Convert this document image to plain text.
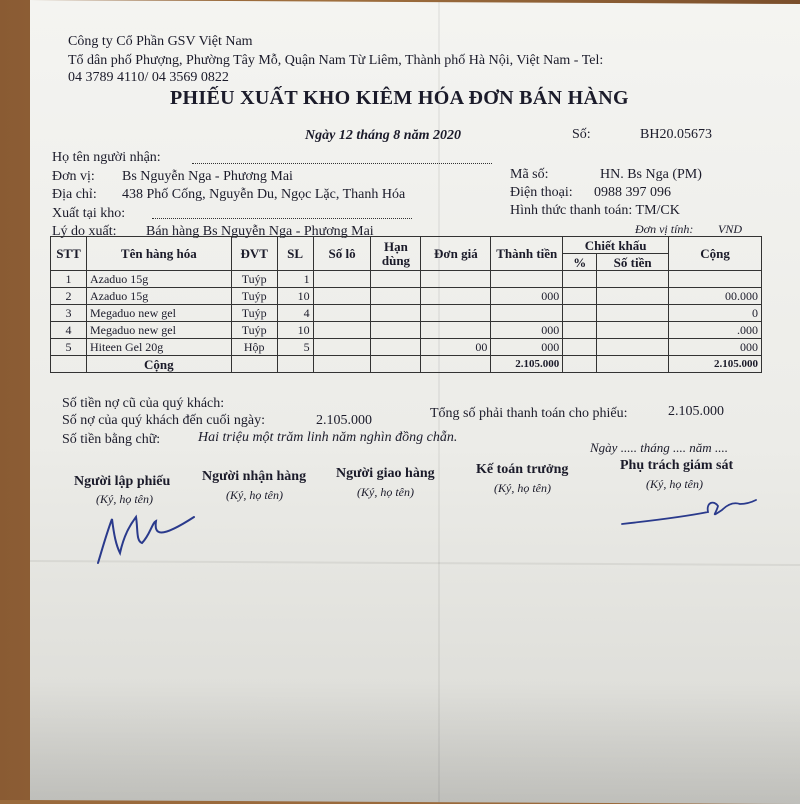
Công ty Cổ Phần GSV Việt Nam
Tổ dân phố Phượng, Phường Tây Mỗ, Quận Nam Từ Liêm, Thành phố Hà Nội, Việt Nam - Tel:
04 3789 4110/ 04 3569 0822
PHIẾU XUẤT KHO KIÊM HÓA ĐƠN BÁN HÀNG
Ngày 12 tháng 8 năm 2020	Số:	BH20.05673
Họ tên người nhận:
Đơn vị: Bs Nguyễn Nga - Phương Mai
Địa chỉ: 438 Phố Cống, Nguyễn Du, Ngọc Lặc, Thanh Hóa
Xuất tại kho:
Lý do xuất: Bán hàng Bs Nguyễn Nga - Phương Mai
Mã số:	HN. Bs Nga (PM)
Điện thoại: 0988 397 096
Hình thức thanh toán: TM/CK
Đơn vị tính: VND
STT	Tên hàng hóa	ĐVT	SL	Số lô	Hạn dùng	Đơn giá	Thành tiền	Chiết khấu		Cộng
								%	Số tiền	
1	Azaduo 15g	Tuýp	1							
2	Azaduo 15g	Tuýp	10				000			00.000
3	Megaduo new gel	Tuýp	4							0
4	Megaduo new gel	Tuýp	10				000			.000
5	Hiteen Gel 20g	Hộp	5			00	000			000
	Cộng						2.105.000			2.105.000
Số tiền nợ cũ của quý khách:
Số nợ của quý khách đến cuối ngày:	2.105.000	Tổng số phải thanh toán cho phiếu:	2.105.000
Số tiền bằng chữ:	Hai triệu một trăm linh năm nghìn đồng chẵn.
Ngày ..... tháng .... năm ....
Người lập phiếu
(Ký, họ tên)
Người nhận hàng
(Ký, họ tên)
Người giao hàng
(Ký, họ tên)
Kế toán trưởng
(Ký, họ tên)
Phụ trách giám sát
(Ký, họ tên)
